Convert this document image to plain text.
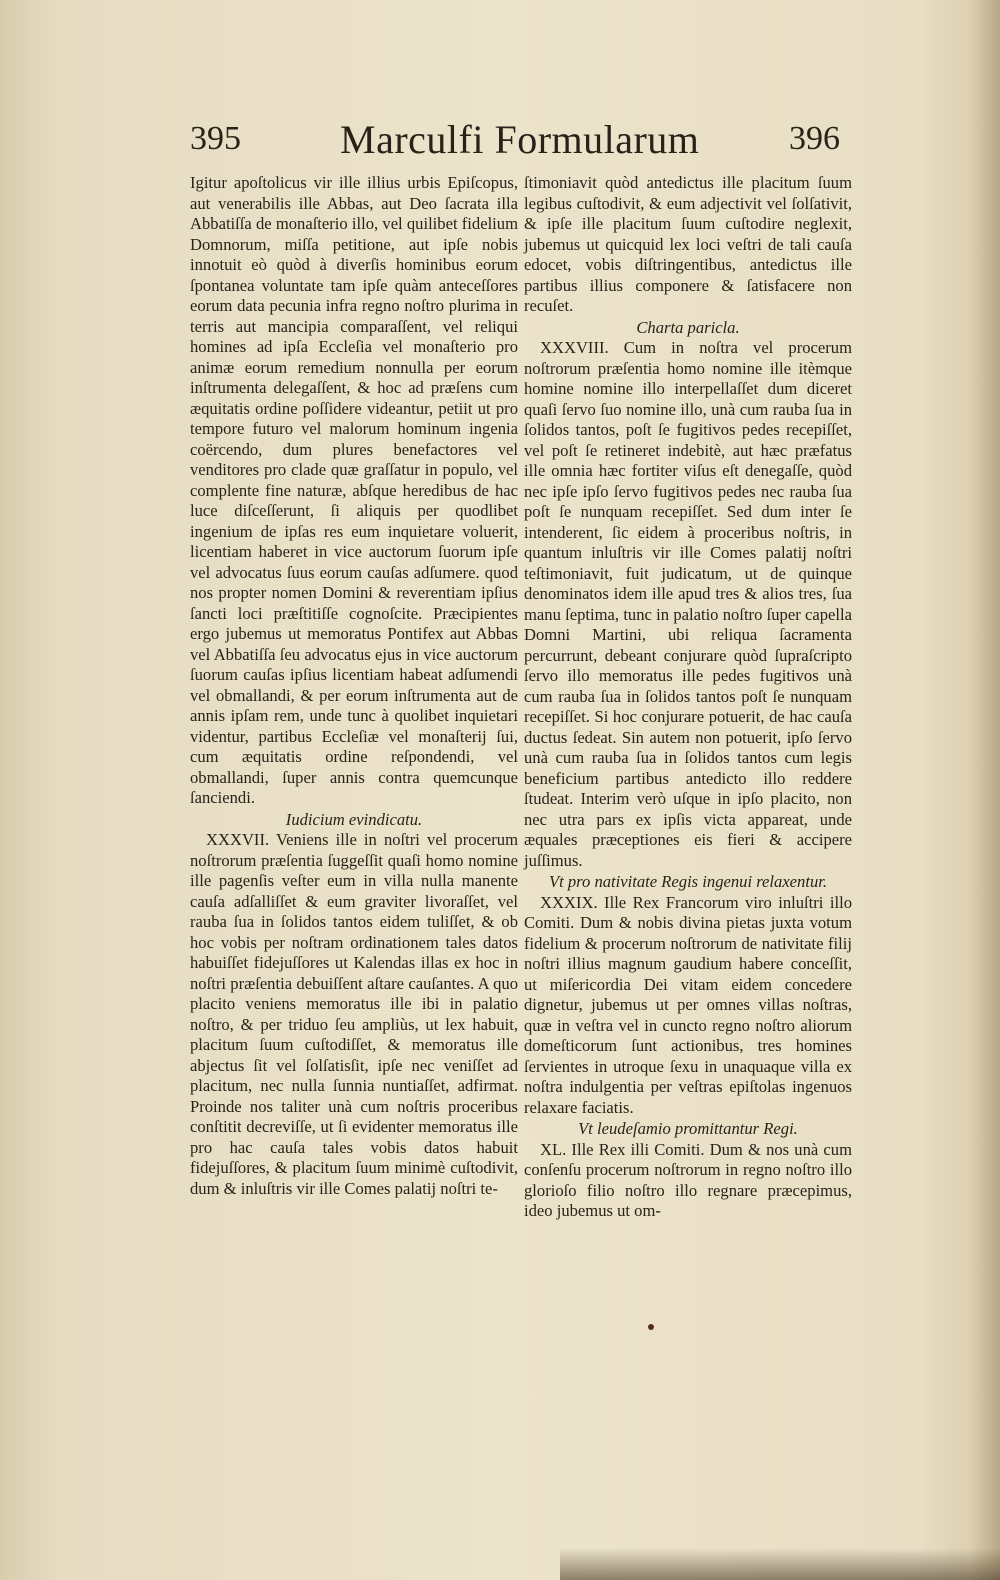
395 Marculfi Formularum	396

Igitur apoſtolicus vir ille illius urbis Epiſcopus, aut venerabilis ille Abbas, aut Deo ſacrata illa Abbatiſſa de monaſterio illo, vel quilibet fidelium Domnorum, miſſa petitione, aut ipſe nobis innotuit eò quòd à diverſis hominibus eorum ſpontanea voluntate tam ipſe quàm anteceſſores eorum data pecunia infra regno noſtro plurima in terris aut mancipia comparaſſent, vel reliqui homines ad ipſa Eccleſia vel monaſterio pro animæ eorum remedium nonnulla per eorum inſtrumenta delegaſſent, & hoc ad præſens cum æquitatis ordine poſſidere videantur, petiit ut pro tempore futuro vel malorum hominum ingenia coërcendo, dum plures benefactores vel venditores pro clade quæ graſſatur in populo, vel complente fine naturæ, abſque heredibus de hac luce diſceſſerunt, ſi aliquis per quodlibet ingenium de ipſas res eum inquietare voluerit, licentiam haberet in vice auctorum ſuorum ipſe vel advocatus ſuus eorum cauſas adſumere. quod nos propter nomen Domini & reverentiam ipſius ſancti loci præſtitiſſe cognoſcite. Præcipientes ergo jubemus ut memoratus Pontifex aut Abbas vel Abbatiſſa ſeu advocatus ejus in vice auctorum ſuorum cauſas ipſius licentiam habeat adſumendi vel obmallandi, & per eorum inſtrumenta aut de annis ipſam rem, unde tunc à quolibet inquietari videntur, partibus Eccleſiæ vel monaſterij ſui, cum æquitatis ordine reſpondendi, vel obmallandi, ſuper annis contra quemcunque ſanciendi.

Iudicium evindicatu.

XXXVII. Veniens ille in noſtri vel procerum noſtrorum præſentia ſuggeſſit quaſi homo nomine ille pagenſis veſter eum in villa nulla manente cauſa adſalliſſet & eum graviter livoraſſet, vel rauba ſua in ſolidos tantos eidem tuliſſet, & ob hoc vobis per noſtram ordinationem tales datos habuiſſet fidejuſſores ut Kalendas illas ex hoc in noſtri præſentia debuiſſent aſtare cauſantes. A quo placito veniens memoratus ille ibi in palatio noſtro, & per triduo ſeu ampliùs, ut lex habuit, placitum ſuum cuſtodiſſet, & memoratus ille abjectus ſit vel ſolſatisſit, ipſe nec veniſſet ad placitum, nec nulla ſunnia nuntiaſſet, adfirmat. Proinde nos taliter unà cum noſtris proceribus conſtitit decreviſſe, ut ſi evidenter memoratus ille pro hac cauſa tales vobis datos habuit fidejuſſores, & placitum ſuum minimè cuſtodivit, dum & inluſtris vir ille Comes palatij noſtri te-

ſtimoniavit quòd antedictus ille placitum ſuum legibus cuſtodivit, & eum adjectivit vel ſolſativit, & ipſe ille placitum ſuum cuſtodire neglexit, jubemus ut quicquid lex loci veſtri de tali cauſa edocet, vobis diſtringentibus, antedictus ille partibus illius componere & ſatisfacere non recuſet.

Charta paricla.

XXXVIII. Cum in noſtra vel procerum noſtrorum præſentia homo nomine ille itèmque homine nomine illo interpellaſſet dum diceret quaſi ſervo ſuo nomine illo, unà cum rauba ſua in ſolidos tantos, poſt ſe fugitivos pedes recepiſſet, vel poſt ſe retineret indebitè, aut hæc præfatus ille omnia hæc fortiter viſus eſt denegaſſe, quòd nec ipſe ipſo ſervo fugitivos pedes nec rauba ſua poſt ſe nunquam recepiſſet. Sed dum inter ſe intenderent, ſic eidem à proceribus noſtris, in quantum inluſtris vir ille Comes palatij noſtri teſtimoniavit, fuit judicatum, ut de quinque denominatos idem ille apud tres & alios tres, ſua manu ſeptima, tunc in palatio noſtro ſuper capella Domni Martini, ubi reliqua ſacramenta percurrunt, debeant conjurare quòd ſupraſcripto ſervo illo memoratus ille pedes fugitivos unà cum rauba ſua in ſolidos tantos poſt ſe nunquam recepiſſet. Si hoc conjurare potuerit, de hac cauſa ductus ſedeat. Sin autem non potuerit, ipſo ſervo unà cum rauba ſua in ſolidos tantos cum legis beneficium partibus antedicto illo reddere ſtudeat. Interim verò uſque in ipſo placito, non nec utra pars ex ipſis victa appareat, unde æquales præceptiones eis fieri & accipere juſſimus.

Vt pro nativitate Regis ingenui relaxentur.

XXXIX. Ille Rex Francorum viro inluſtri illo Comiti. Dum & nobis divina pietas juxta votum fidelium & procerum noſtrorum de nativitate filij noſtri illius magnum gaudium habere conceſſit, ut miſericordia Dei vitam eidem concedere dignetur, jubemus ut per omnes villas noſtras, quæ in veſtra vel in cuncto regno noſtro aliorum domeſticorum ſunt actionibus, tres homines ſervientes in utroque ſexu in unaquaque villa ex noſtra indulgentia per veſtras epiſtolas ingenuos relaxare faciatis.

Vt leudeſamio promittantur Regi.

XL. Ille Rex illi Comiti. Dum & nos unà cum conſenſu procerum noſtrorum in regno noſtro illo glorioſo filio noſtro illo regnare præcepimus, ideo jubemus ut om-
